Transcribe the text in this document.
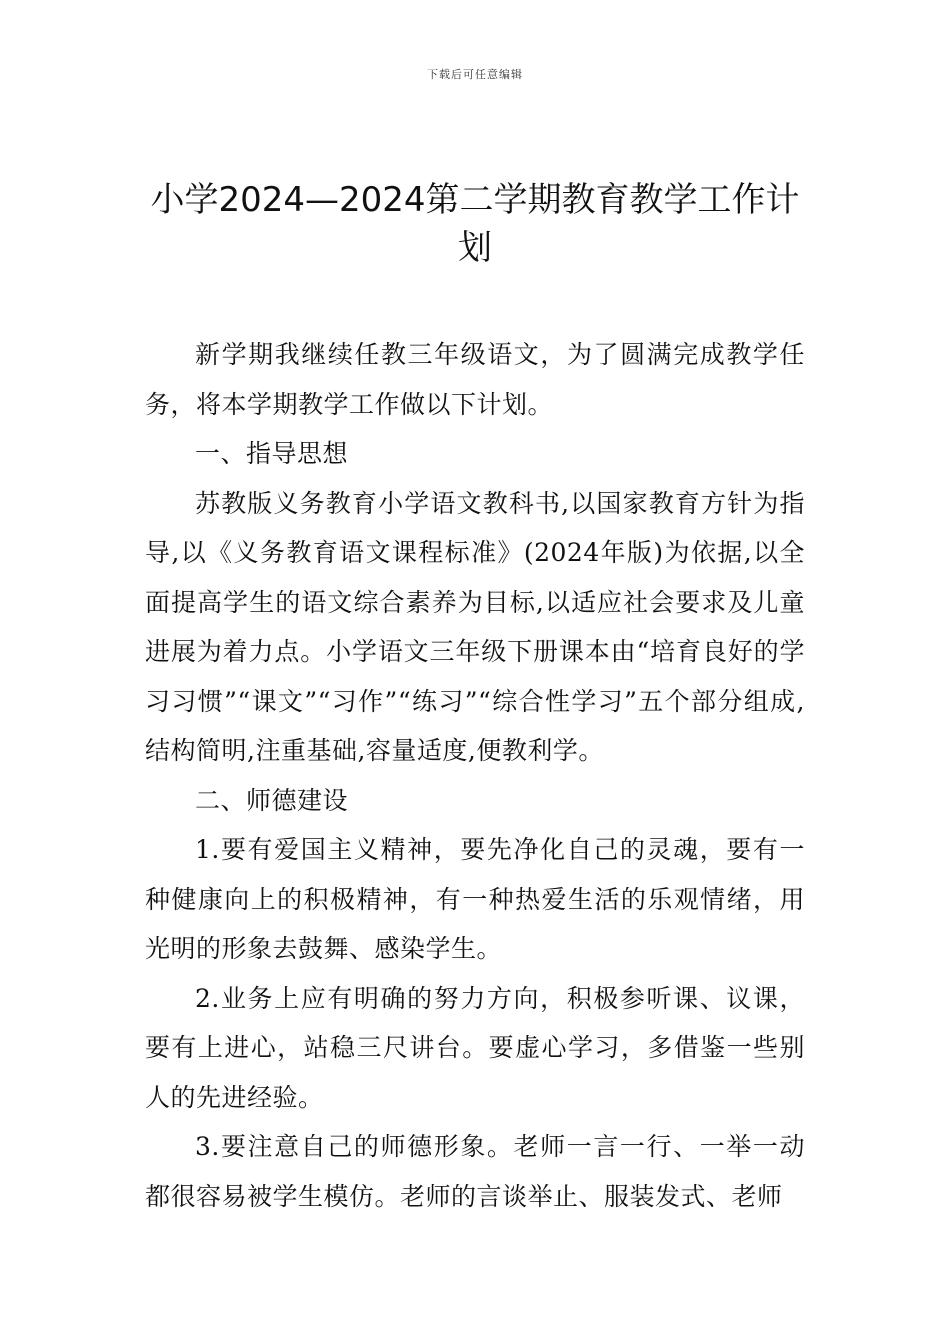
下载后可任意编辑
小学2024—2024第二学期教育教学工作计划

新学期我继续任教三年级语文，为了圆满完成教学任务，将本学期教学工作做以下计划。

一、指导思想

苏教版义务教育小学语文教科书,以国家教育方针为指导,以《义务教育语文课程标准》(2024年版)为依据,以全面提高学生的语文综合素养为目标,以适应社会要求及儿童进展为着力点。小学语文三年级下册课本由“培育良好的学习习惯”“课文”“习作”“练习”“综合性学习”五个部分组成,结构简明,注重基础,容量适度,便教利学。

二、师德建设

1.要有爱国主义精神，要先净化自己的灵魂，要有一种健康向上的积极精神，有一种热爱生活的乐观情绪，用光明的形象去鼓舞、感染学生。

2.业务上应有明确的努力方向，积极参听课、议课，要有上进心，站稳三尺讲台。要虚心学习，多借鉴一些别人的先进经验。

3.要注意自己的师德形象。老师一言一行、一举一动都很容易被学生模仿。老师的言谈举止、服装发式、老师
